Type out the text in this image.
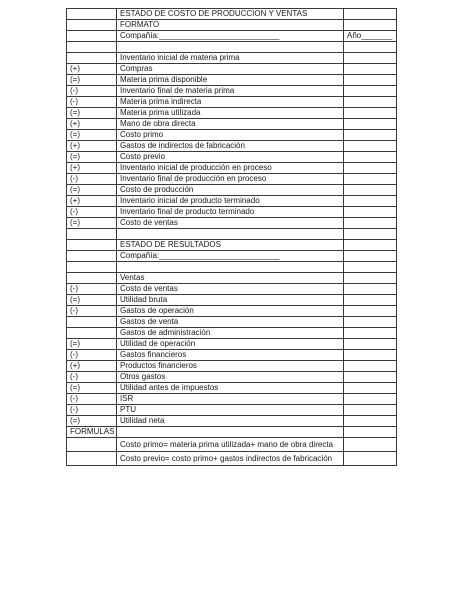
	ESTADO DE COSTO DE PRODUCCION Y VENTAS	
	FORMATO	
	Compañía:___________________________	Año_______

	Inventario inicial de materia prima	
(+)	Compras	
(=)	Materia prima disponible	
(-)	Inventario final de materia prima	
(-)	Materia prima indirecta	
(=)	Materia prima utilizada	
(+)	Mano de obra directa	
(=)	Costo primo	
(+)	Gastos de indirectos de fabricación	
(=)	Costo previo	
(+)	Inventario inicial de producción en proceso	
(-)	Inventario final de producción en proceso	
(=)	Costo de producción	
(+)	Inventario inicial de producto terminado	
(-)	Inventario final de producto terminado	
(=)	Costo de ventas	

	ESTADO DE RESULTADOS	
	Compañía:___________________________	

	Ventas	
(-)	Costo de ventas	
(=)	Utilidad bruta	
(-)	Gastos de operación	
	Gastos de venta	
	Gastos de administración	
(=)	Utilidad de operación	
(-)	Gastos financieros	
(+)	Productos financieros	
(-)	Otros gastos	
(=)	Utilidad antes de impuestos	
(-)	ISR	
(-)	PTU	
(=)	Utilidad neta	
FORMULAS		
	Costo primo= materia prima utilizada+ mano de obra directa	
	Costo previo= costo primo+ gastos indirectos de fabricación	
